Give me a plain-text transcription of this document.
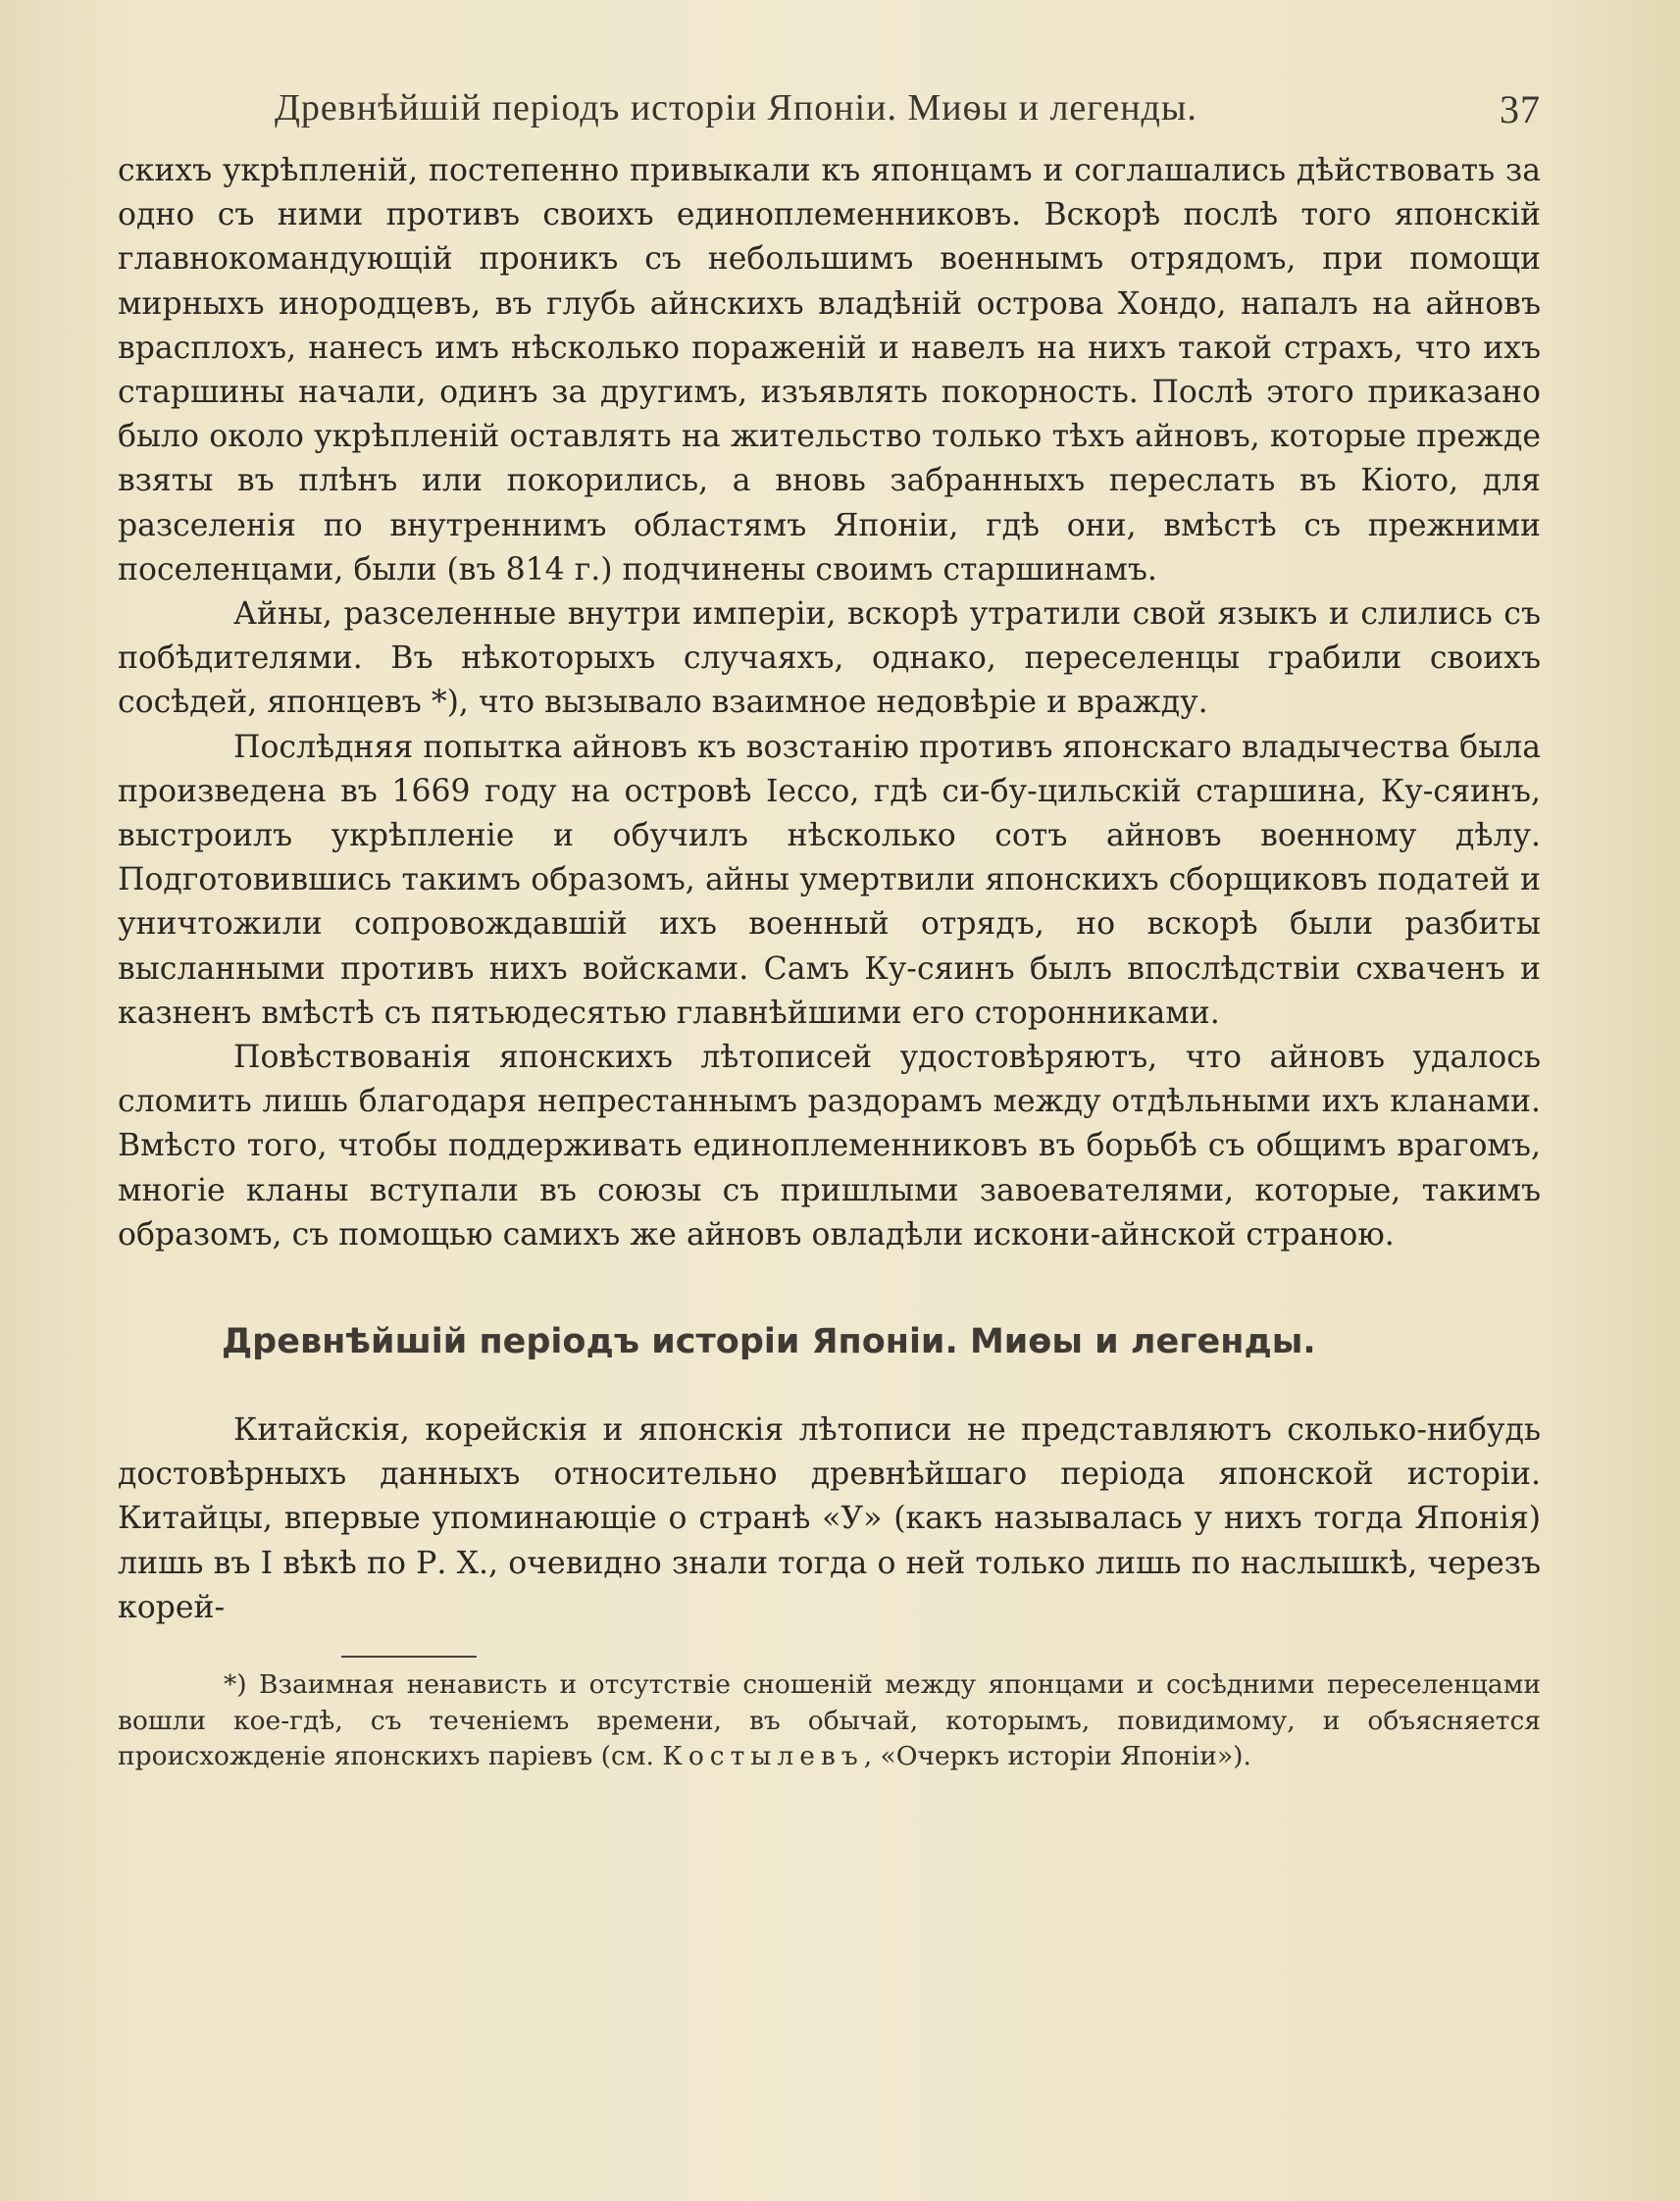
Древнѣйшій періодъ исторіи Японіи. Миѳы и легенды.	37

скихъ укрѣпленій, постепенно привыкали къ японцамъ и соглашались дѣйствовать за одно съ ними противъ своихъ единоплеменниковъ. Вскорѣ послѣ того японскій главнокомандующій проникъ съ небольшимъ военнымъ отрядомъ, при помощи мирныхъ инородцевъ, въ глубь айнскихъ владѣній острова Хондо, напалъ на айновъ врасплохъ, нанесъ имъ нѣсколько пораженій и навелъ на нихъ такой страхъ, что ихъ старшины начали, одинъ за другимъ, изъявлять покорность. Послѣ этого приказано было около укрѣпленій оставлять на жительство только тѣхъ айновъ, которые прежде взяты въ плѣнъ или покорились, а вновь забранныхъ переслать въ Кіото, для разселенія по внутреннимъ областямъ Японіи, гдѣ они, вмѣстѣ съ прежними поселенцами, были (въ 814 г.) подчинены своимъ старшинамъ.

Айны, разселенные внутри имперіи, вскорѣ утратили свой языкъ и слились съ побѣдителями. Въ нѣкоторыхъ случаяхъ, однако, переселенцы грабили своихъ сосѣдей, японцевъ *), что вызывало взаимное недовѣріе и вражду.

Послѣдняя попытка айновъ къ возстанію противъ японскаго владычества была произведена въ 1669 году на островѣ Іессо, гдѣ си-бу-цильскій старшина, Ку-сяинъ, выстроилъ укрѣпленіе и обучилъ нѣсколько сотъ айновъ военному дѣлу. Подготовившись такимъ образомъ, айны умертвили японскихъ сборщиковъ податей и уничтожили сопровождавшій ихъ военный отрядъ, но вскорѣ были разбиты высланными противъ нихъ войсками. Самъ Ку-сяинъ былъ впослѣдствіи схваченъ и казненъ вмѣстѣ съ пятьюдесятью главнѣйшими его сторонниками.

Повѣствованія японскихъ лѣтописей удостовѣряютъ, что айновъ удалось сломить лишь благодаря непрестаннымъ раздорамъ между отдѣльными ихъ кланами. Вмѣсто того, чтобы поддерживать единоплеменниковъ въ борьбѣ съ общимъ врагомъ, многіе кланы вступали въ союзы съ пришлыми завоевателями, которые, такимъ образомъ, съ помощью самихъ же айновъ овладѣли искони-айнской страною.

Древнѣйшій періодъ исторіи Японіи. Миѳы и легенды.

Китайскія, корейскія и японскія лѣтописи не представляютъ сколько-нибудь достовѣрныхъ данныхъ относительно древнѣйшаго періода японской исторіи. Китайцы, впервые упоминающіе о странѣ «У» (какъ называлась у нихъ тогда Японія) лишь въ I вѣкѣ по Р. Х., очевидно знали тогда о ней только лишь по наслышкѣ, черезъ корей-

*) Взаимная ненависть и отсутствіе сношеній между японцами и сосѣдними переселенцами вошли кое-гдѣ, съ теченіемъ времени, въ обычай, которымъ, повидимому, и объясняется происхожденіе японскихъ паріевъ (см. Костылевъ, «Очеркъ исторіи Японіи»).
